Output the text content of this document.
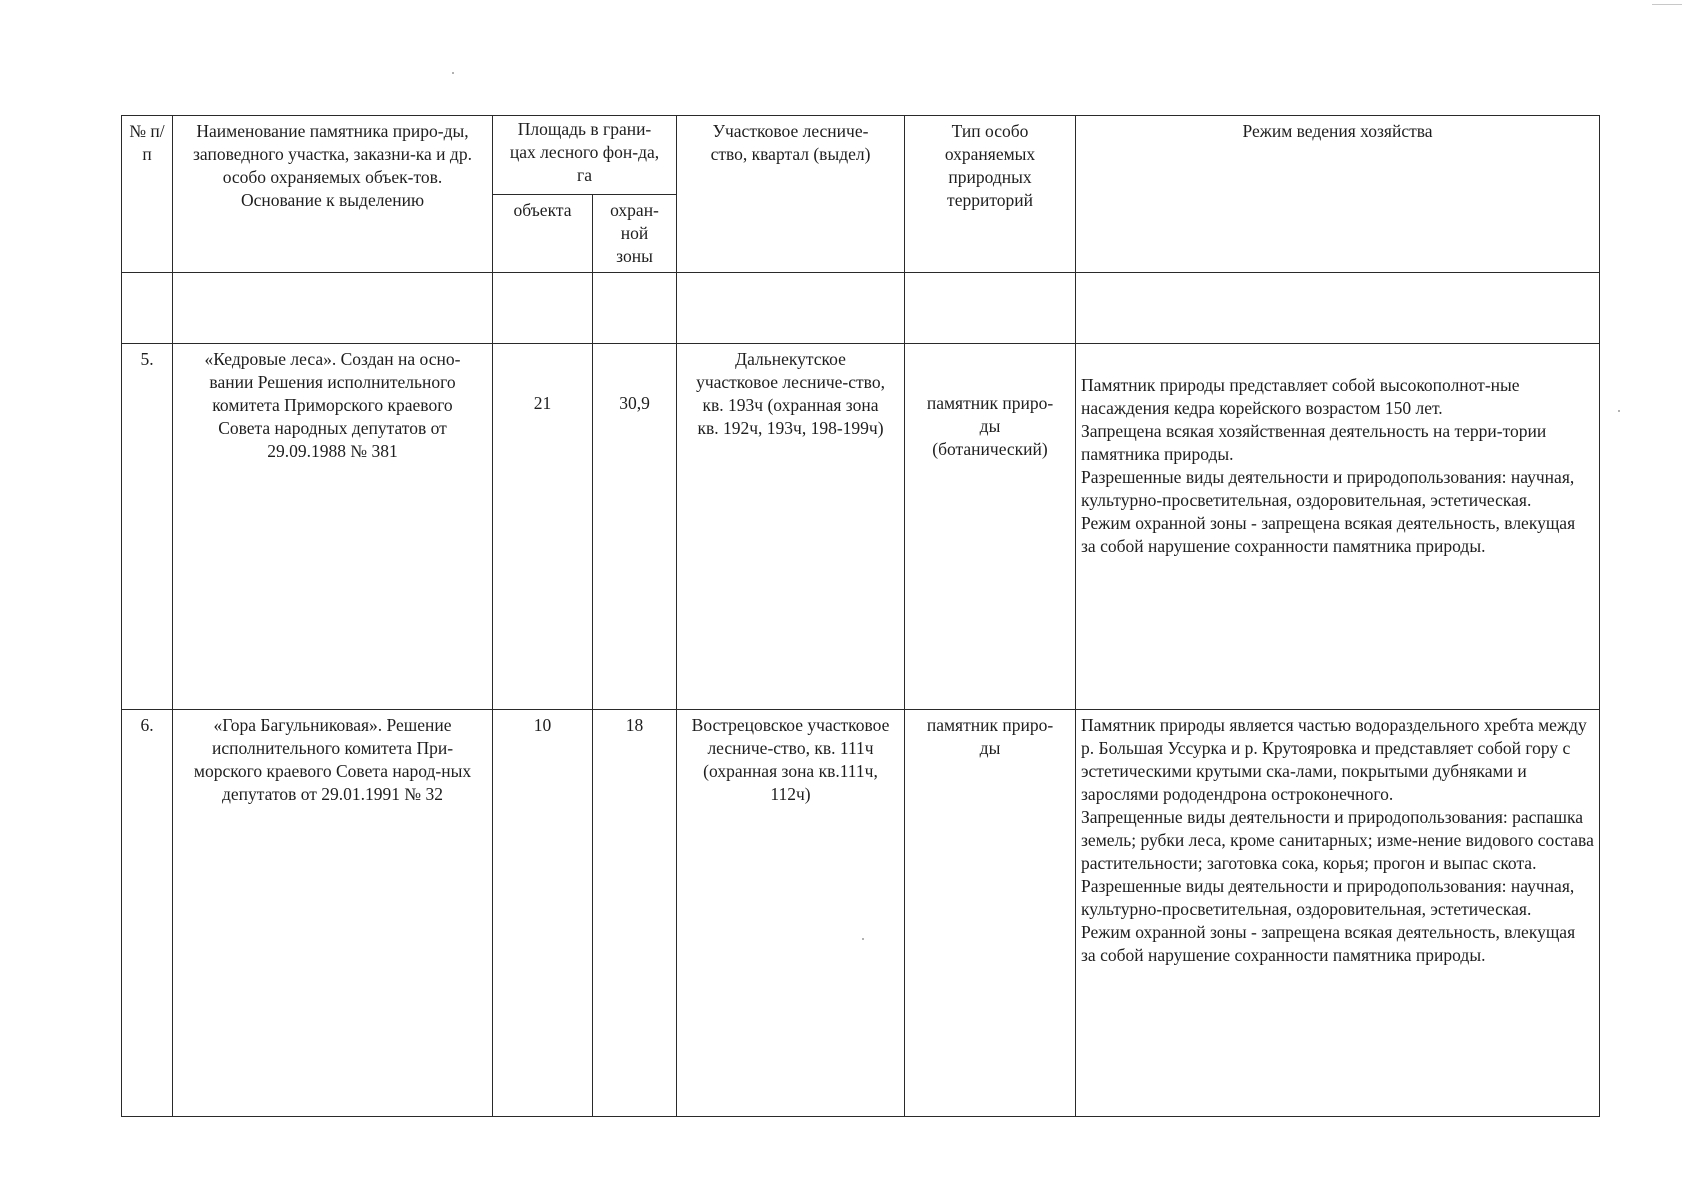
№ п/п	Наименование памятника приро-ды, заповедного участка, заказни-ка и др. особо охраняемых объек-тов. Основание к выделению	Площадь в грани-цах лесного фон-да, га		Участковое лесниче-ство, квартал (выдел)	Тип особо охраняемых природных территорий	Режим ведения хозяйства
		объекта	охран-ной зоны			

5.	«Кедровые леса». Создан на осно-вании Решения исполнительного комитета Приморского краевого Совета народных депутатов от 29.09.1988 № 381	21	30,9	Дальнекутское участковое лесниче-ство, кв. 193ч (охранная зона кв. 192ч, 193ч, 198-199ч)	памятник приро-ды (ботанический)	Памятник природы представляет собой высокополнот-ные насаждения кедра корейского возрастом 150 лет.

Запрещена всякая хозяйственная деятельность на терри-тории памятника природы.

Разрешенные виды деятельности и природопользования: научная, культурно-просветительная, оздоровительная, эстетическая.

Режим охранной зоны - запрещена всякая деятельность, влекущая за собой нарушение сохранности памятника природы.

6.	«Гора Багульниковая». Решение исполнительного комитета При-морского краевого Совета народ-ных депутатов от 29.01.1991 № 32	10	18	Вострецовское участковое лесниче-ство, кв. 111ч (охранная зона кв.111ч, 112ч)	памятник приро-ды	Памятник природы является частью водораздельного хребта между р. Большая Уссурка и р. Крутояровка и представляет собой гору с эстетическими крутыми ска-лами, покрытыми дубняками и зарослями рододендрона остроконечного.

Запрещенные виды деятельности и природопользования: распашка земель; рубки леса, кроме санитарных; изме-нение видового состава растительности; заготовка сока, корья; прогон и выпас скота.

Разрешенные виды деятельности и природопользования: научная, культурно-просветительная, оздоровительная, эстетическая.

Режим охранной зоны - запрещена всякая деятельность, влекущая за собой нарушение сохранности памятника природы.
